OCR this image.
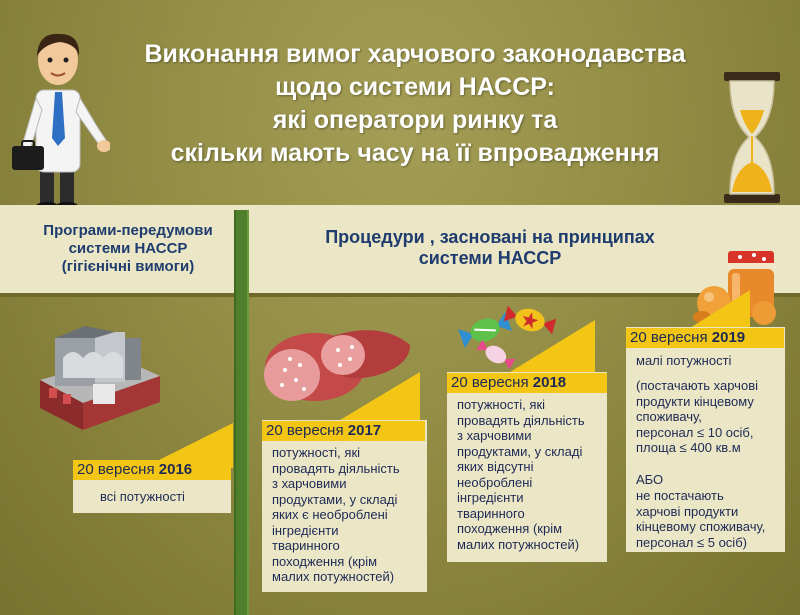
Виконання вимог харчового законодавства
щодо системи НАССР:
які оператори ринку та
скільки мають часу на її впровадження
Програми-передумови
системи НАССР
(гігієнічні вимоги)
Процедури , засновані на принципах
системи НАССР
20 вересня 2016
20 вересня 2017
20 вересня 2018
20 вересня 2019
всі потужності
потужності, які
провадять діяльність
з харчовими
продуктами, у складі
яких є необроблені
інгредієнти
тваринного
походження (крім
малих потужностей)
потужності, які
провадять діяльність
з харчовими
продуктами, у складі
яких відсутні
необроблені
інгредієнти
тваринного
походження (крім
малих потужностей)
малі потужності
(постачають харчові
продукти кінцевому
споживачу,
персонал ≤ 10 осіб,
площа ≤ 400 кв.м
АБО
не постачають
харчові продукти
кінцевому споживачу,
персонал ≤ 5 осіб)
